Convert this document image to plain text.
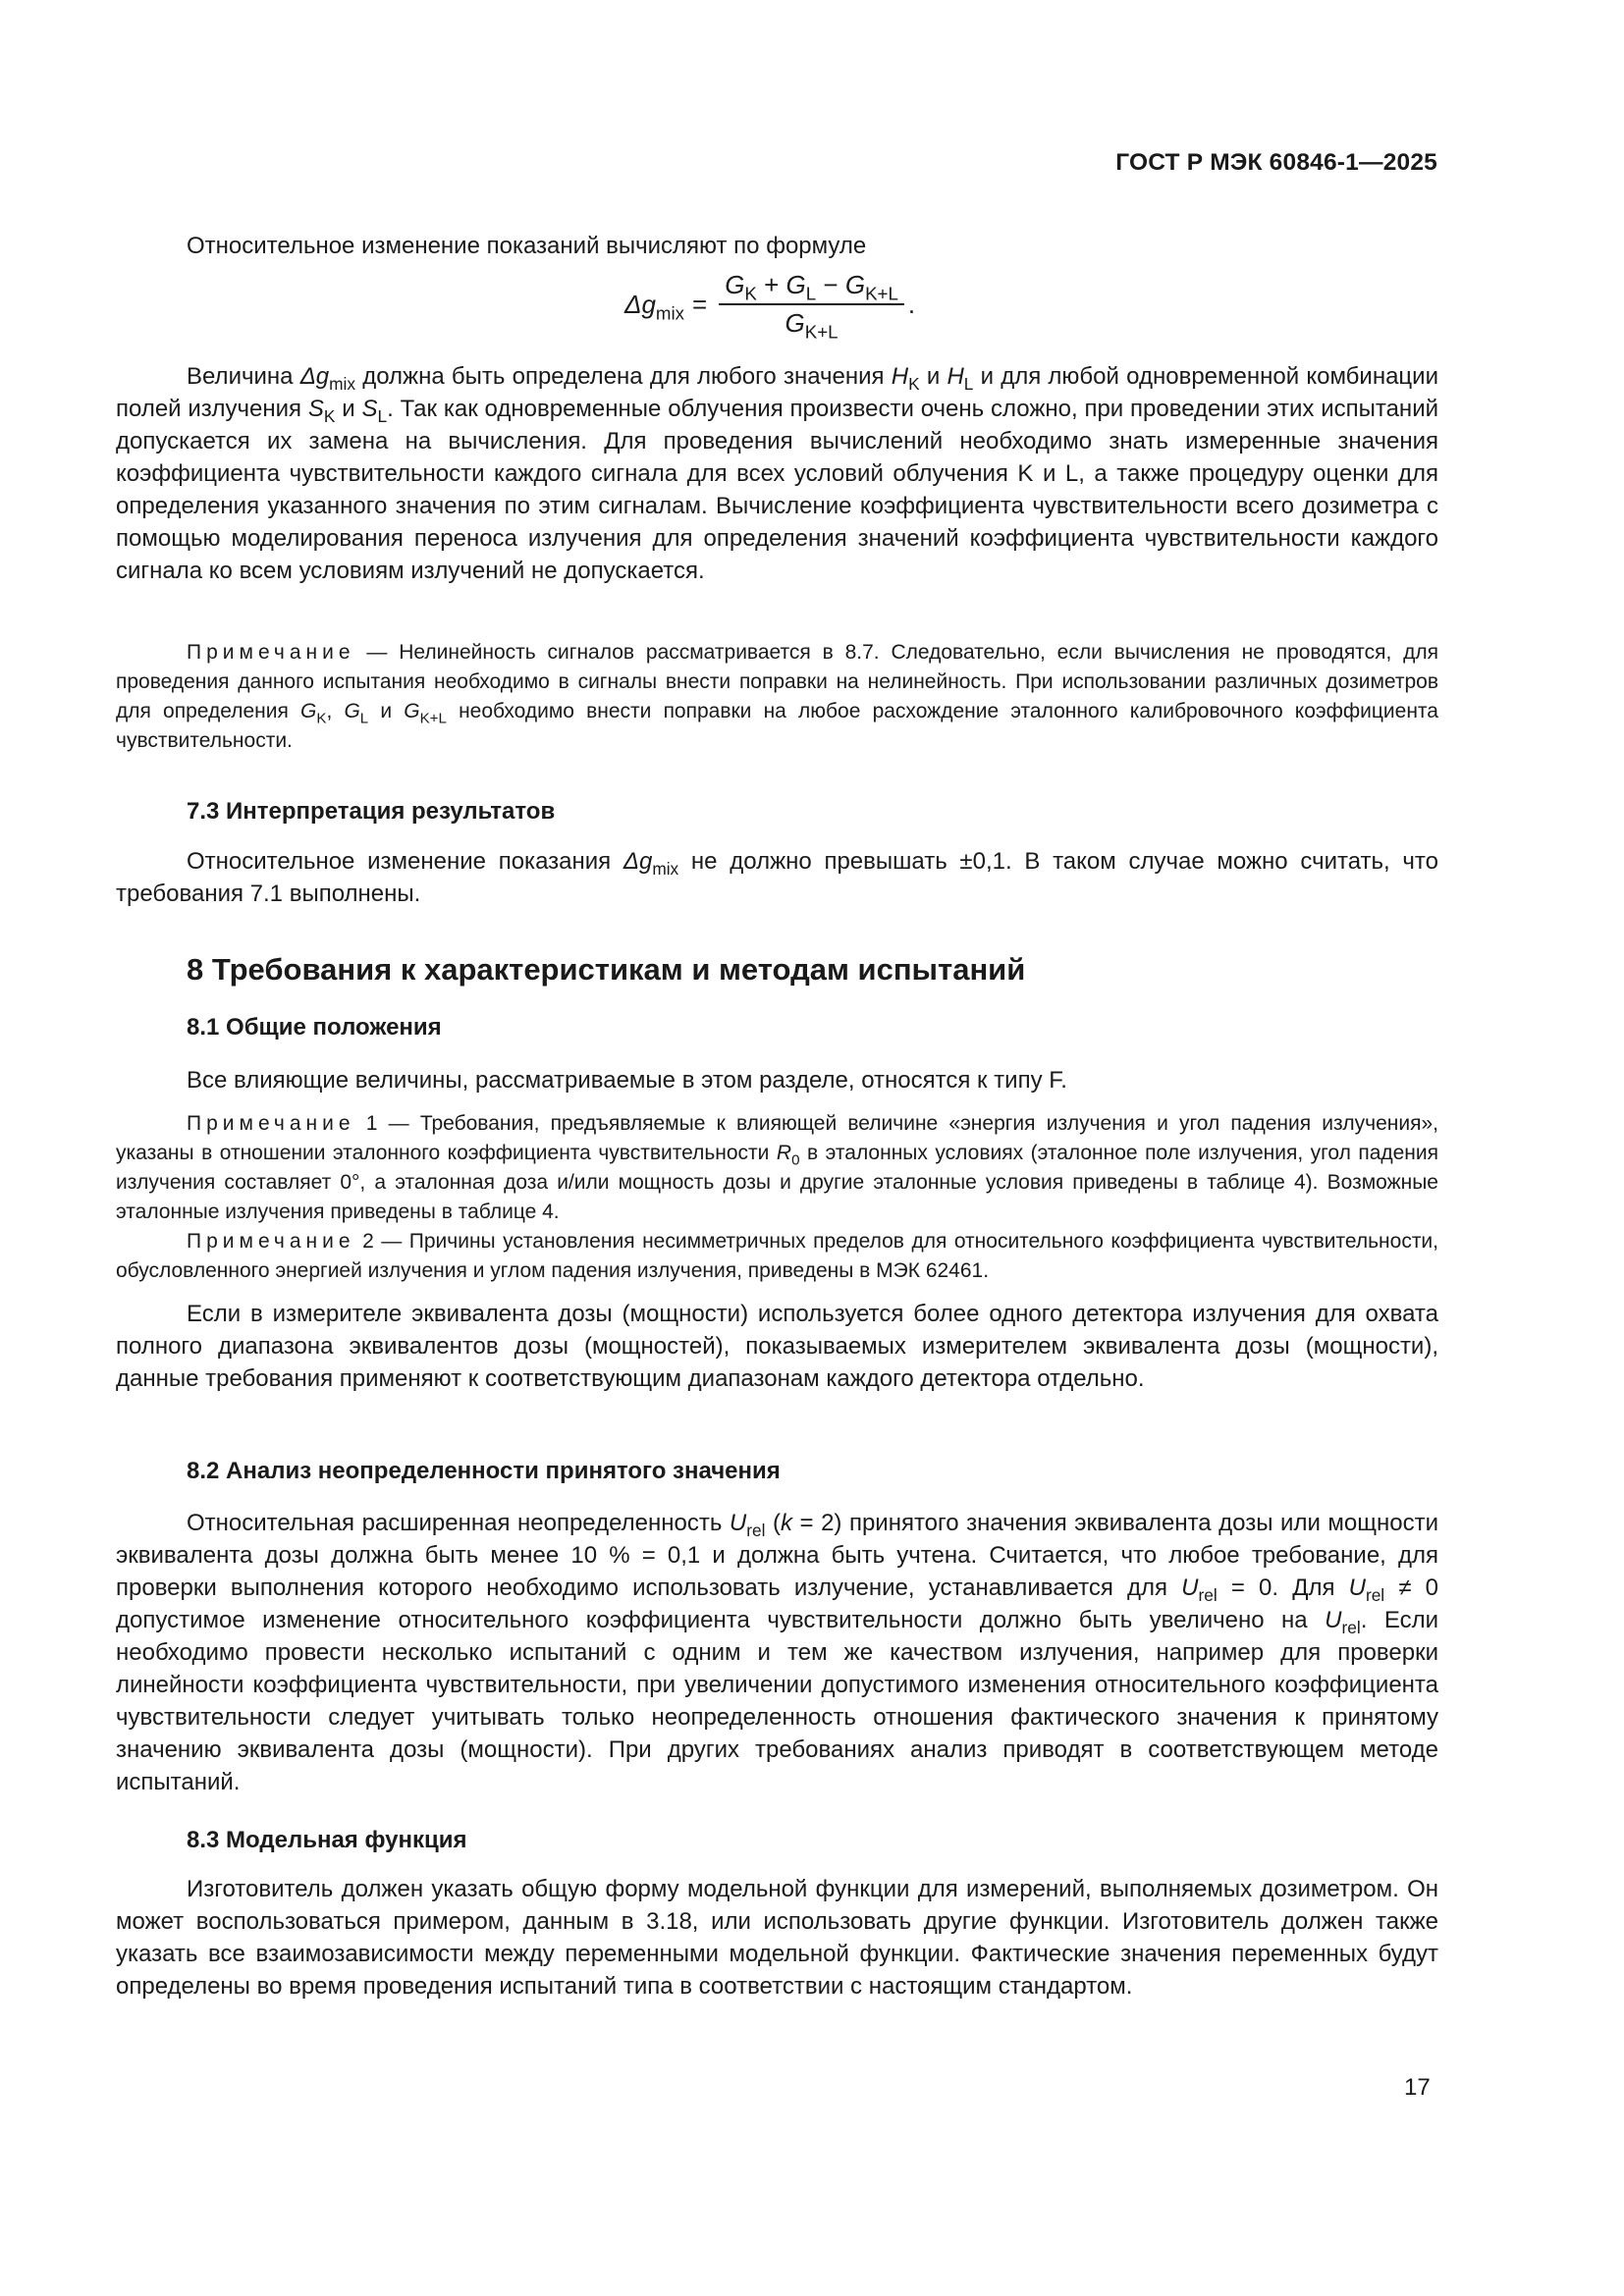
ГОСТ Р МЭК 60846-1—2025

Относительное изменение показаний вычисляют по формуле

$\Delta g_{mix} = \frac{G_K + G_L - G_{K+L}}{G_{K+L}}$ .

Величина $\Delta g_{mix}$ должна быть определена для любого значения $H_K$ и $H_L$ и для любой одновременной комбинации полей излучения $S_K$ и $S_L$. Так как одновременные облучения произвести очень сложно, при проведении этих испытаний допускается их замена на вычисления. Для проведения вычислений необходимо знать измеренные значения коэффициента чувствительности каждого сигнала для всех условий облучения K и L, а также процедуру оценки для определения указанного значения по этим сигналам. Вычисление коэффициента чувствительности всего дозиметра с помощью моделирования переноса излучения для определения значений коэффициента чувствительности каждого сигнала ко всем условиям излучений не допускается.

Примечание — Нелинейность сигналов рассматривается в 8.7. Следовательно, если вычисления не проводятся, для проведения данного испытания необходимо в сигналы внести поправки на нелинейность. При использовании различных дозиметров для определения $G_K$, $G_L$ и $G_{K+L}$ необходимо внести поправки на любое расхождение эталонного калибровочного коэффициента чувствительности.

7.3 Интерпретация результатов

Относительное изменение показания $\Delta g_{mix}$ не должно превышать ±0,1. В таком случае можно считать, что требования 7.1 выполнены.

8 Требования к характеристикам и методам испытаний
8.1 Общие положения

Все влияющие величины, рассматриваемые в этом разделе, относятся к типу F.

Примечание 1 — Требования, предъявляемые к влияющей величине «энергия излучения и угол падения излучения», указаны в отношении эталонного коэффициента чувствительности $R_0$ в эталонных условиях (эталонное поле излучения, угол падения излучения составляет 0°, а эталонная доза и/или мощность дозы и другие эталонные условия приведены в таблице 4). Возможные эталонные излучения приведены в таблице 4.

Примечание 2 — Причины установления несимметричных пределов для относительного коэффициента чувствительности, обусловленного энергией излучения и углом падения излучения, приведены в МЭК 62461.

Если в измерителе эквивалента дозы (мощности) используется более одного детектора излучения для охвата полного диапазона эквивалентов дозы (мощностей), показываемых измерителем эквивалента дозы (мощности), данные требования применяют к соответствующим диапазонам каждого детектора отдельно.

8.2 Анализ неопределенности принятого значения

Относительная расширенная неопределенность $U_{rel}$ (k = 2) принятого значения эквивалента дозы или мощности эквивалента дозы должна быть менее 10 % = 0,1 и должна быть учтена. Считается, что любое требование, для проверки выполнения которого необходимо использовать излучение, устанавливается для $U_{rel} = 0$. Для $U_{rel} \ne 0$ допустимое изменение относительного коэффициента чувствительности должно быть увеличено на $U_{rel}$. Если необходимо провести несколько испытаний с одним и тем же качеством излучения, например для проверки линейности коэффициента чувствительности, при увеличении допустимого изменения относительного коэффициента чувствительности следует учитывать только неопределенность отношения фактического значения к принятому значению эквивалента дозы (мощности). При других требованиях анализ приводят в соответствующем методе испытаний.

8.3 Модельная функция

Изготовитель должен указать общую форму модельной функции для измерений, выполняемых дозиметром. Он может воспользоваться примером, данным в 3.18, или использовать другие функции. Изготовитель должен также указать все взаимозависимости между переменными модельной функции. Фактические значения переменных будут определены во время проведения испытаний типа в соответствии с настоящим стандартом.

17
